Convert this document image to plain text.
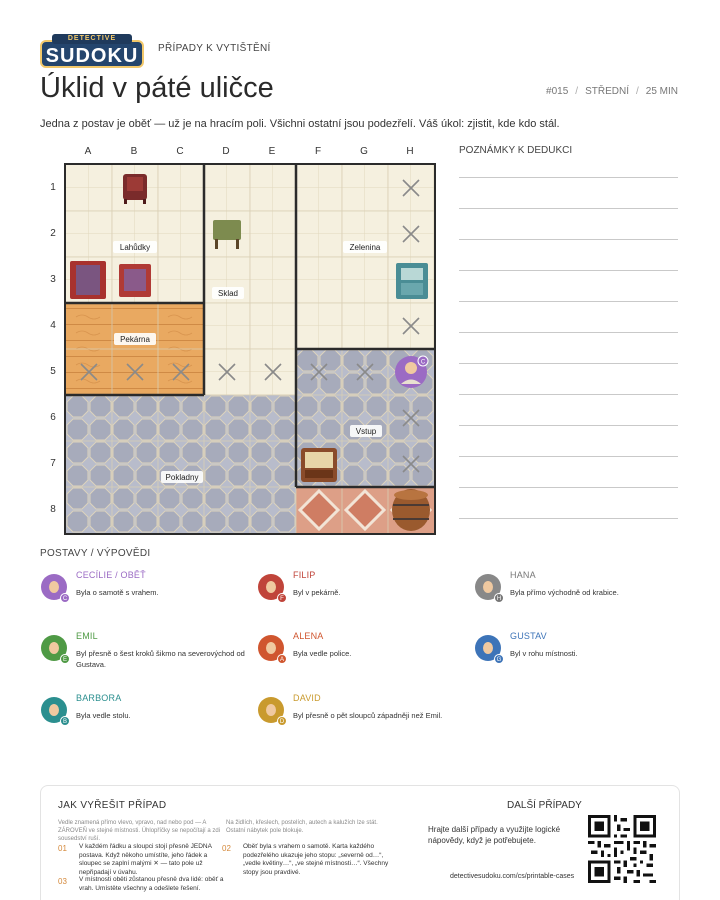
SUDOKU
DETECTIVE
PŘÍPADY K VYTIŠTĚNÍ
Úklid v páté uličce	#015 / STŘEDNÍ / 25 MIN
Jedna z postav je oběť — už je na hracím poli. Všichni ostatní jsou podezřelí. Váš úkol: zjistit, kde kdo stál.
A	B	C	D	E	F	G	H
1
2
3
4
5
6
7
8
C
Lahůdky	Zelenina
Sklad
Pekárna
Vstup
Pokladny
POZNÁMKY K DEDUKCI
POSTAVY / VÝPOVĚDI
C
CECÍLIE / OBĚŤ
Byla o samotě s vrahem.
F
FILIP
Byl v pekárně.
H
HANA
Byla přímo východně od krabice.
E
EMIL
Byl přesně o šest kroků šikmo na severovýchod od Gustava.	A
ALENA
Byla vedle police.
G
GUSTAV
Byl v rohu místnosti.
B
BARBORA
Byla vedle stolu.
D
DAVID
Byl přesně o pět sloupců západněji než Emil.
JAK VYŘEŠIT PŘÍPAD
Vedle znamená přímo vlevo, vpravo, nad nebo pod — A ZÁROVEŇ ve stejné místnosti. Úhlopříčky se nepočítají a zdi sousedství ruší.
Na židlích, křeslech, postelích, autech a kalužích lze stát. Ostatní nábytek pole blokuje.
01 V každém řádku a sloupci stojí přesně JEDNA postava. Když někoho umístíte, jeho řádek a sloupec se zaplní malými ✕ — tato pole už nepřipadají v úvahu.
02 Oběť byla s vrahem o samotě. Karta každého podezřelého ukazuje jeho stopu: „severně od…“, „vedle květiny…“, „ve stejné místnosti…“. Všechny stopy jsou pravdivé.
03 V místnosti oběti zůstanou přesně dva lidé: oběť a vrah. Umístěte všechny a odešlete řešení.
DALŠÍ PŘÍPADY
Hrajte další případy a využijte logické nápovědy, když je potřebujete.
detectivesudoku.com/cs/printable-cases
